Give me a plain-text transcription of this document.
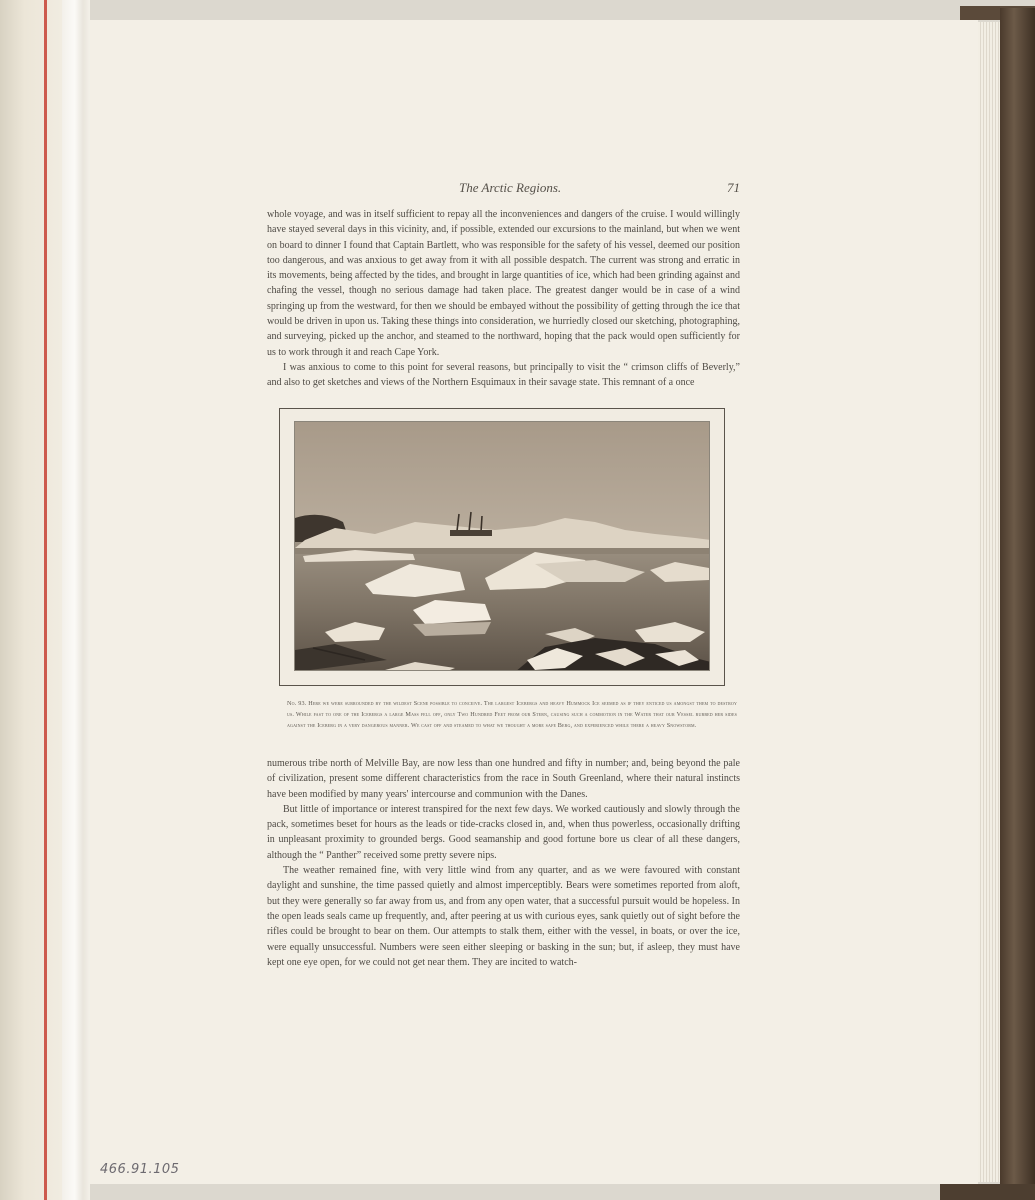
The Arctic Regions.	71

whole voyage, and was in itself sufficient to repay all the inconveniences and dangers of the cruise. I would willingly have stayed several days in this vicinity, and, if possible, extended our excursions to the mainland, but when we went on board to dinner I found that Captain Bartlett, who was responsible for the safety of his vessel, deemed our position too dangerous, and was anxious to get away from it with all possible despatch. The current was strong and erratic in its movements, being affected by the tides, and brought in large quantities of ice, which had been grinding against and chafing the vessel, though no serious damage had taken place. The greatest danger would be in case of a wind springing up from the westward, for then we should be embayed without the possibility of getting through the ice that would be driven in upon us. Taking these things into consideration, we hurriedly closed our sketching, photographing, and surveying, picked up the anchor, and steamed to the northward, hoping that the pack would open sufficiently for us to work through it and reach Cape York.

I was anxious to come to this point for several reasons, but principally to visit the “ crimson cliffs of Beverly,” and also to get sketches and views of the Northern Esquimaux in their savage state. This remnant of a once

No. 93. Here we were surrounded by the wildest Scene possible to conceive. The largest Icebergs and heavy Hummock Ice seemed as if they enticed us amongst them to destroy us. While fast to one of the Icebergs a large Mass fell off, only Two Hundred Feet from our Stern, causing such a commotion in the Water that our Vessel rubbed her sides against the Iceberg in a very dangerous manner. We cast off and steamed to what we thought a more safe Berg, and experienced while there a heavy Snowstorm.

numerous tribe north of Melville Bay, are now less than one hundred and fifty in number; and, being beyond the pale of civilization, present some different characteristics from the race in South Greenland, where their natural instincts have been modified by many years' intercourse and communion with the Danes.

But little of importance or interest transpired for the next few days. We worked cautiously and slowly through the pack, sometimes beset for hours as the leads or tide-cracks closed in, and, when thus powerless, occasionally drifting in unpleasant proximity to grounded bergs. Good seamanship and good fortune bore us clear of all these dangers, although the “ Panther” received some pretty severe nips.

The weather remained fine, with very little wind from any quarter, and as we were favoured with constant daylight and sunshine, the time passed quietly and almost imperceptibly. Bears were sometimes reported from aloft, but they were generally so far away from us, and from any open water, that a successful pursuit would be hopeless. In the open leads seals came up frequently, and, after peering at us with curious eyes, sank quietly out of sight before the rifles could be brought to bear on them. Our attempts to stalk them, either with the vessel, in boats, or over the ice, were equally unsuccessful. Numbers were seen either sleeping or basking in the sun; but, if asleep, they must have kept one eye open, for we could not get near them. They are incited to watch-

466.91.105
